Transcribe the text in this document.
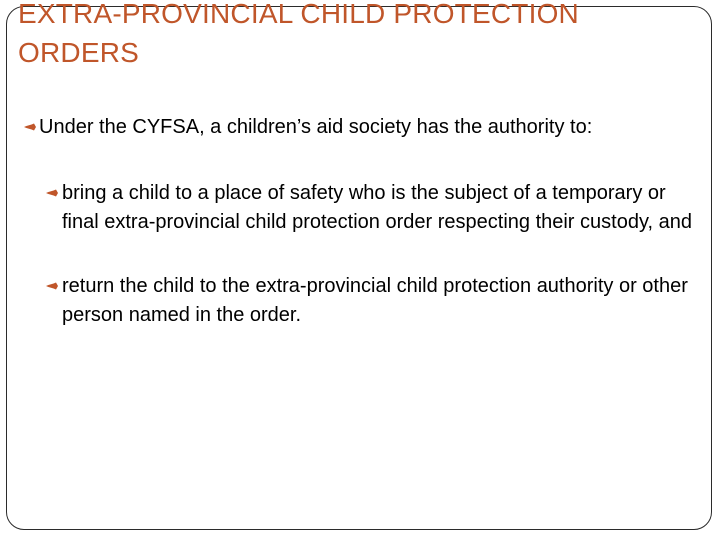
EXTRA-PROVINCIAL CHILD PROTECTION ORDERS

Under the CYFSA, a children’s aid society has the authority to:

bring a child to a place of safety who is the subject of a temporary or final extra-provincial child protection order respecting their custody, and

return the child to the extra-provincial child protection authority or other person named in the order.
